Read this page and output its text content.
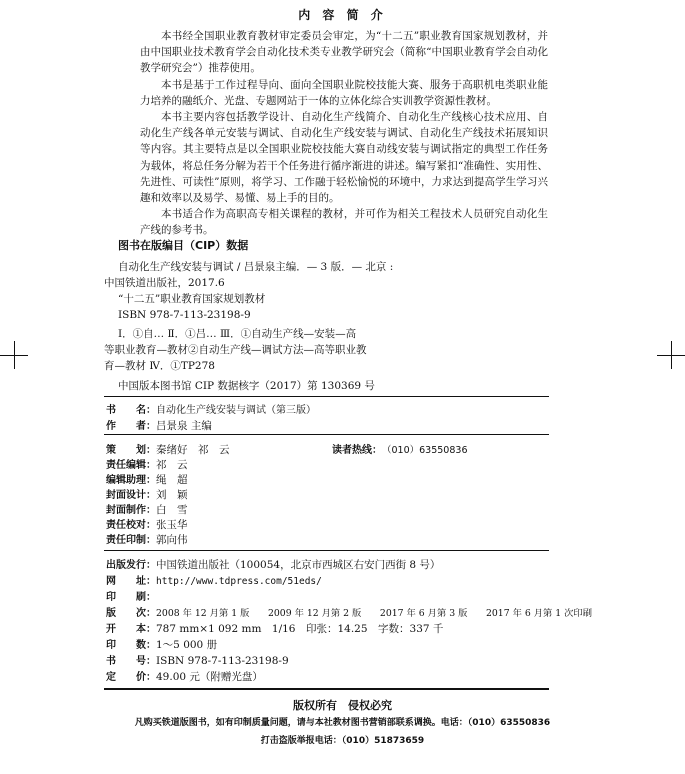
内 容 简 介

本书经全国职业教育教材审定委员会审定，为“十二五”职业教育国家规划教材，并由中国职业技术教育学会自动化技术类专业教学研究会（简称“中国职业教育学会自动化教学研究会”）推荐使用。

本书是基于工作过程导向、面向全国职业院校技能大赛、服务于高职机电类职业能力培养的融纸介、光盘、专题网站于一体的立体化综合实训教学资源性教材。

本书主要内容包括教学设计、自动化生产线简介、自动化生产线核心技术应用、自动化生产线各单元安装与调试、自动化生产线安装与调试、自动化生产线技术拓展知识等内容。其主要特点是以全国职业院校技能大赛自动线安装与调试指定的典型工作任务为载体，将总任务分解为若干个任务进行循序渐进的讲述。编写紧扣“准确性、实用性、先进性、可读性”原则，将学习、工作融于轻松愉悦的环境中，力求达到提高学生学习兴趣和效率以及易学、易懂、易上手的目的。

本书适合作为高职高专相关课程的教材，并可作为相关工程技术人员研究自动化生产线的参考书。

图书在版编目（CIP）数据
自动化生产线安装与调试 / 吕景泉主编．— 3 版．— 北京 :
中国铁道出版社，2017.6
“十二五”职业教育国家规划教材
ISBN 978-7-113-23198-9
Ⅰ．①自… Ⅱ．①吕… Ⅲ．①自动生产线—安装—高
等职业教育—教材②自动生产线—调试方法—高等职业教
育—教材 Ⅳ．①TP278
中国版本图书馆 CIP 数据核字（2017）第 130369 号
书　　名：自动化生产线安装与调试（第三版）
作　　者：吕景泉 主编
策　　划：秦绪好　祁　云
责任编辑：祁　云
编辑助理：绳　超
封面设计：刘　颖
封面制作：白　雪
责任校对：张玉华
责任印制：郭向伟
读者热线：（010）63550836
出版发行：中国铁道出版社（100054，北京市西城区右安门西街 8 号）
网　　址：http://www.tdpress.com/51eds/
印　　刷：
版　　次：2008 年 12 月第 1 版　　2009 年 12 月第 2 版　　2017 年 6 月第 3 版　　2017 年 6 月第 1 次印刷
开　　本：787 mm×1 092 mm　1/16　印张：14.25　字数：337 千
印　　数：1～5 000 册
书　　号：ISBN 978-7-113-23198-9
定　　价：49.00 元（附赠光盘）
版权所有　侵权必究
凡购买铁道版图书，如有印制质量问题，请与本社教材图书营销部联系调换。电话：（010）63550836
打击盗版举报电话：（010）51873659
